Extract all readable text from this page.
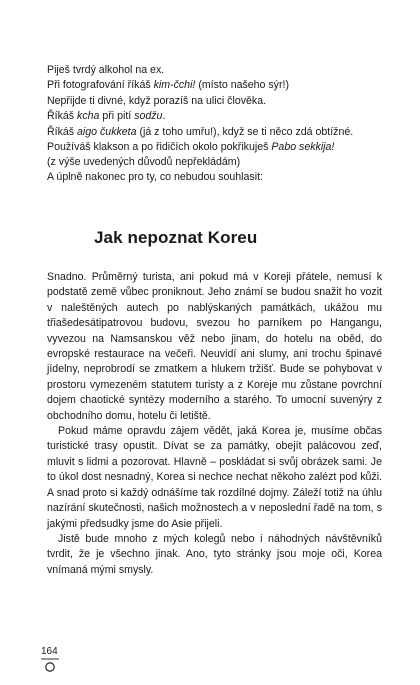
Piješ tvrdý alkohol na ex.
Při fotografování říkáš kim-čchi! (místo našeho sýr!)
Nepřijde ti divné, když porazíš na ulici člověka.
Říkáš kcha při pití sodžu.
Říkáš aigo čukketa (já z toho umřu!), když se ti něco zdá obtížné.
Používáš klakson a po řidičích okolo pokřikuješ Pabo sekkija!
(z výše uvedených důvodů nepřekládám)
A úplně nakonec pro ty, co nebudou souhlasit:
Jak nepoznat Koreu

Snadno. Průměrný turista, ani pokud má v Koreji přátele, nemusí k podstatě země vůbec proniknout. Jeho známí se budou snažit ho vozit v naleštěných autech po nablýskaných památkách, ukážou mu třiašedesátipatrovou budovu, svezou ho parníkem po Hangangu, vyvezou na Namsanskou věž nebo jinam, do hotelu na oběd, do evropské restaurace na večeři. Neuvidí ani slumy, ani trochu špinavé jídelny, neprobrodí se zmatkem a hlukem tržišť. Bude se pohybovat v prostoru vymezeném statutem turisty a z Koreje mu zůstane povrchní dojem chaotické syntézy moderního a starého. To umocní suvenýry z obchodního domu, hotelu či letiště.

Pokud máme opravdu zájem vědět, jaká Korea je, musíme občas turistické trasy opustit. Dívat se za památky, obejít palácovou zeď, mluvit s lidmi a pozorovat. Hlavně – poskládat si svůj obrázek sami. Je to úkol dost nesnadný, Korea si nechce nechat někoho zalézt pod kůži. A snad proto si každý odnášíme tak rozdílné dojmy. Záleží totiž na úhlu nazírání skutečnosti, našich možnostech a v neposlední řadě na tom, s jakými předsudky jsme do Asie přijeli.

Jistě bude mnoho z mých kolegů nebo i náhodných návštěvníků tvrdit, že je všechno jinak. Ano, tyto stránky jsou moje oči, Korea vnímaná mými smysly.

164
